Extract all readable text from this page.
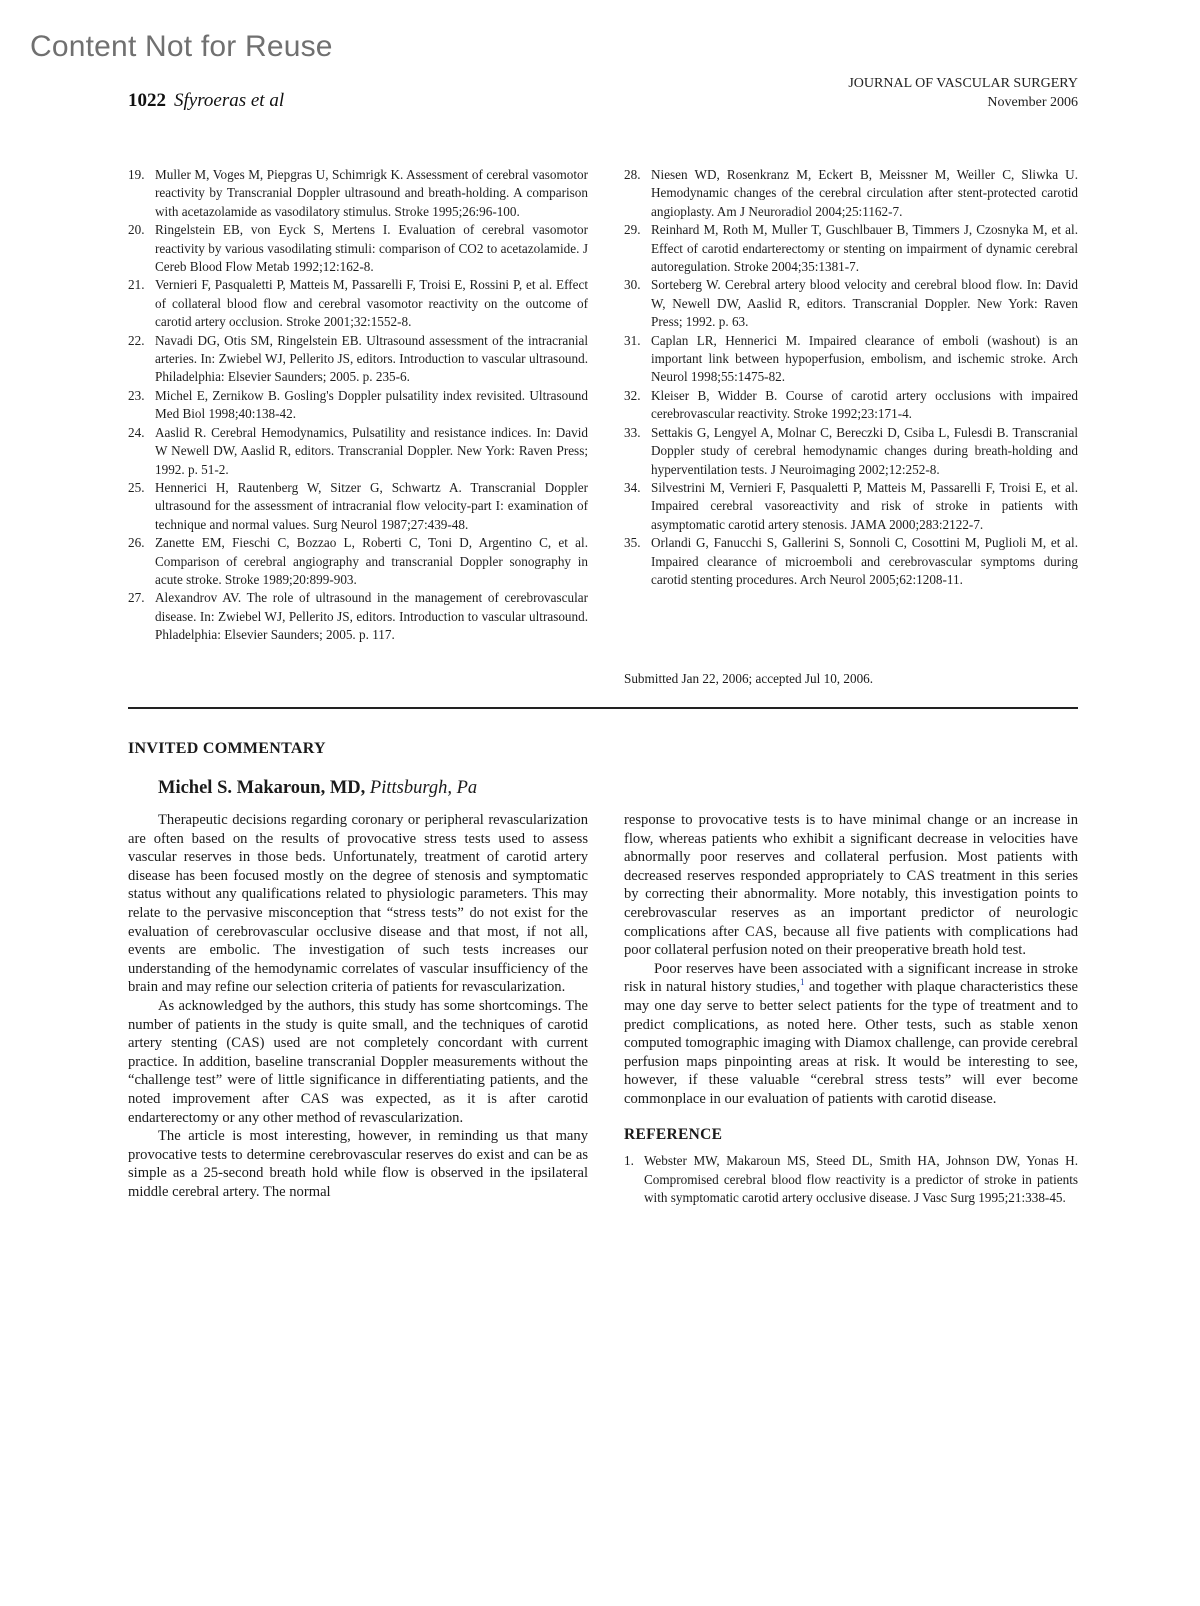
Content Not for Reuse
1022 Sfyroeras et al
JOURNAL OF VASCULAR SURGERY
November 2006
19. Muller M, Voges M, Piepgras U, Schimrigk K. Assessment of cerebral vasomotor reactivity by Transcranial Doppler ultrasound and breath-holding. A comparison with acetazolamide as vasodilatory stimulus. Stroke 1995;26:96-100.
20. Ringelstein EB, von Eyck S, Mertens I. Evaluation of cerebral vasomotor reactivity by various vasodilating stimuli: comparison of CO2 to acetazolamide. J Cereb Blood Flow Metab 1992;12:162-8.
21. Vernieri F, Pasqualetti P, Matteis M, Passarelli F, Troisi E, Rossini P, et al. Effect of collateral blood flow and cerebral vasomotor reactivity on the outcome of carotid artery occlusion. Stroke 2001;32:1552-8.
22. Navadi DG, Otis SM, Ringelstein EB. Ultrasound assessment of the intracranial arteries. In: Zwiebel WJ, Pellerito JS, editors. Introduction to vascular ultrasound. Philadelphia: Elsevier Saunders; 2005. p. 235-6.
23. Michel E, Zernikow B. Gosling's Doppler pulsatility index revisited. Ultrasound Med Biol 1998;40:138-42.
24. Aaslid R. Cerebral Hemodynamics, Pulsatility and resistance indices. In: David W Newell DW, Aaslid R, editors. Transcranial Doppler. New York: Raven Press; 1992. p. 51-2.
25. Hennerici H, Rautenberg W, Sitzer G, Schwartz A. Transcranial Doppler ultrasound for the assessment of intracranial flow velocity-part I: examination of technique and normal values. Surg Neurol 1987;27:439-48.
26. Zanette EM, Fieschi C, Bozzao L, Roberti C, Toni D, Argentino C, et al. Comparison of cerebral angiography and transcranial Doppler sonography in acute stroke. Stroke 1989;20:899-903.
27. Alexandrov AV. The role of ultrasound in the management of cerebrovascular disease. In: Zwiebel WJ, Pellerito JS, editors. Introduction to vascular ultrasound. Phladelphia: Elsevier Saunders; 2005. p. 117.
28. Niesen WD, Rosenkranz M, Eckert B, Meissner M, Weiller C, Sliwka U. Hemodynamic changes of the cerebral circulation after stent-protected carotid angioplasty. Am J Neuroradiol 2004;25:1162-7.
29. Reinhard M, Roth M, Muller T, Guschlbauer B, Timmers J, Czosnyka M, et al. Effect of carotid endarterectomy or stenting on impairment of dynamic cerebral autoregulation. Stroke 2004;35:1381-7.
30. Sorteberg W. Cerebral artery blood velocity and cerebral blood flow. In: David W, Newell DW, Aaslid R, editors. Transcranial Doppler. New York: Raven Press; 1992. p. 63.
31. Caplan LR, Hennerici M. Impaired clearance of emboli (washout) is an important link between hypoperfusion, embolism, and ischemic stroke. Arch Neurol 1998;55:1475-82.
32. Kleiser B, Widder B. Course of carotid artery occlusions with impaired cerebrovascular reactivity. Stroke 1992;23:171-4.
33. Settakis G, Lengyel A, Molnar C, Bereczki D, Csiba L, Fulesdi B. Transcranial Doppler study of cerebral hemodynamic changes during breath-holding and hyperventilation tests. J Neuroimaging 2002;12:252-8.
34. Silvestrini M, Vernieri F, Pasqualetti P, Matteis M, Passarelli F, Troisi E, et al. Impaired cerebral vasoreactivity and risk of stroke in patients with asymptomatic carotid artery stenosis. JAMA 2000;283:2122-7.
35. Orlandi G, Fanucchi S, Gallerini S, Sonnoli C, Cosottini M, Puglioli M, et al. Impaired clearance of microemboli and cerebrovascular symptoms during carotid stenting procedures. Arch Neurol 2005;62:1208-11.
Submitted Jan 22, 2006; accepted Jul 10, 2006.
INVITED COMMENTARY
Michel S. Makaroun, MD, Pittsburgh, Pa

Therapeutic decisions regarding coronary or peripheral revascularization are often based on the results of provocative stress tests used to assess vascular reserves in those beds. Unfortunately, treatment of carotid artery disease has been focused mostly on the degree of stenosis and symptomatic status without any qualifications related to physiologic parameters. This may relate to the pervasive misconception that “stress tests” do not exist for the evaluation of cerebrovascular occlusive disease and that most, if not all, events are embolic. The investigation of such tests increases our understanding of the hemodynamic correlates of vascular insufficiency of the brain and may refine our selection criteria of patients for revascularization.

As acknowledged by the authors, this study has some shortcomings. The number of patients in the study is quite small, and the techniques of carotid artery stenting (CAS) used are not completely concordant with current practice. In addition, baseline transcranial Doppler measurements without the “challenge test” were of little significance in differentiating patients, and the noted improvement after CAS was expected, as it is after carotid endarterectomy or any other method of revascularization.

The article is most interesting, however, in reminding us that many provocative tests to determine cerebrovascular reserves do exist and can be as simple as a 25-second breath hold while flow is observed in the ipsilateral middle cerebral artery. The normal

response to provocative tests is to have minimal change or an increase in flow, whereas patients who exhibit a significant decrease in velocities have abnormally poor reserves and collateral perfusion. Most patients with decreased reserves responded appropriately to CAS treatment in this series by correcting their abnormality. More notably, this investigation points to cerebrovascular reserves as an important predictor of neurologic complications after CAS, because all five patients with complications had poor collateral perfusion noted on their preoperative breath hold test.

Poor reserves have been associated with a significant increase in stroke risk in natural history studies,$^1$ and together with plaque characteristics these may one day serve to better select patients for the type of treatment and to predict complications, as noted here. Other tests, such as stable xenon computed tomographic imaging with Diamox challenge, can provide cerebral perfusion maps pinpointing areas at risk. It would be interesting to see, however, if these valuable “cerebral stress tests” will ever become commonplace in our evaluation of patients with carotid disease.

REFERENCE
1. Webster MW, Makaroun MS, Steed DL, Smith HA, Johnson DW, Yonas H. Compromised cerebral blood flow reactivity is a predictor of stroke in patients with symptomatic carotid artery occlusive disease. J Vasc Surg 1995;21:338-45.
